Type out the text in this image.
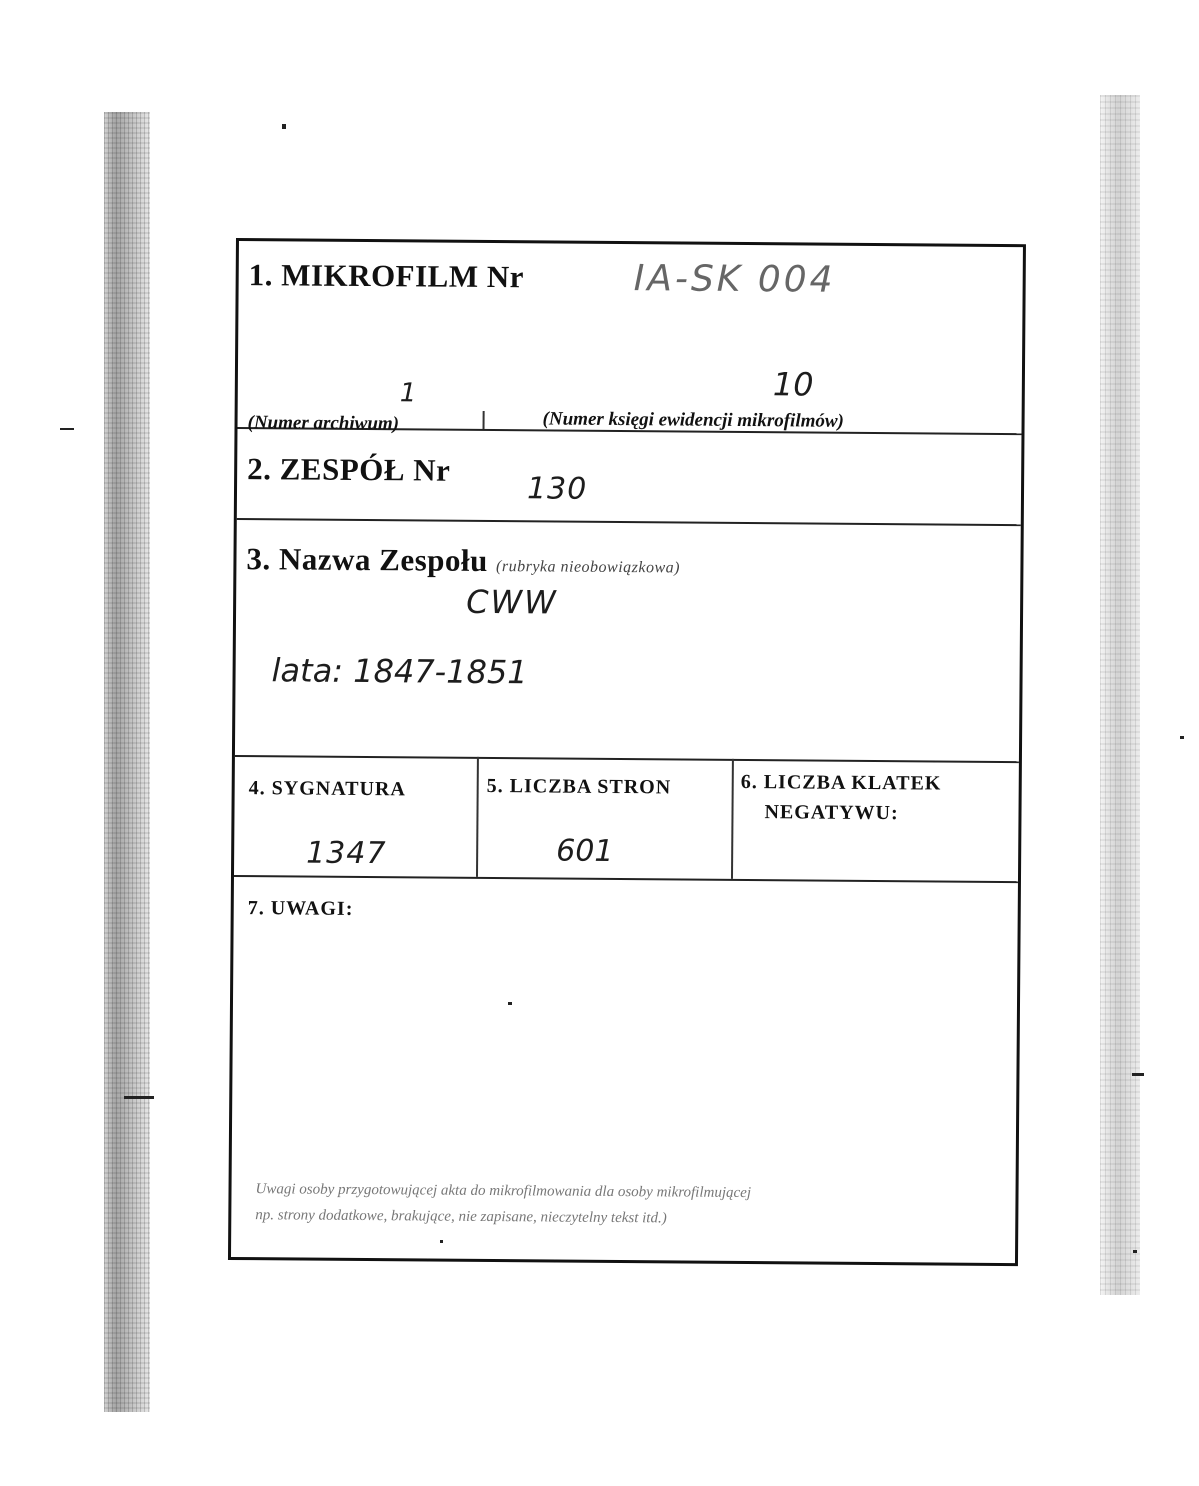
1. MIKROFILM Nr	IA-SK 004
1	10
(Numer archiwum)	(Numer księgi ewidencji mikrofilmów)
2. ZESPÓŁ Nr
130
3. Nazwa Zespołu (rubryka nieobowiązkowa)
CWW
lata: 1847-1851
4. SYGNATURA
1347
5. LICZBA STRON
601
6. LICZBA KLATEK
NEGATYWU:
7. UWAGI:
Uwagi osoby przygotowującej akta do mikrofilmowania dla osoby mikrofilmującej
np. strony dodatkowe, brakujące, nie zapisane, nieczytelny tekst itd.)
